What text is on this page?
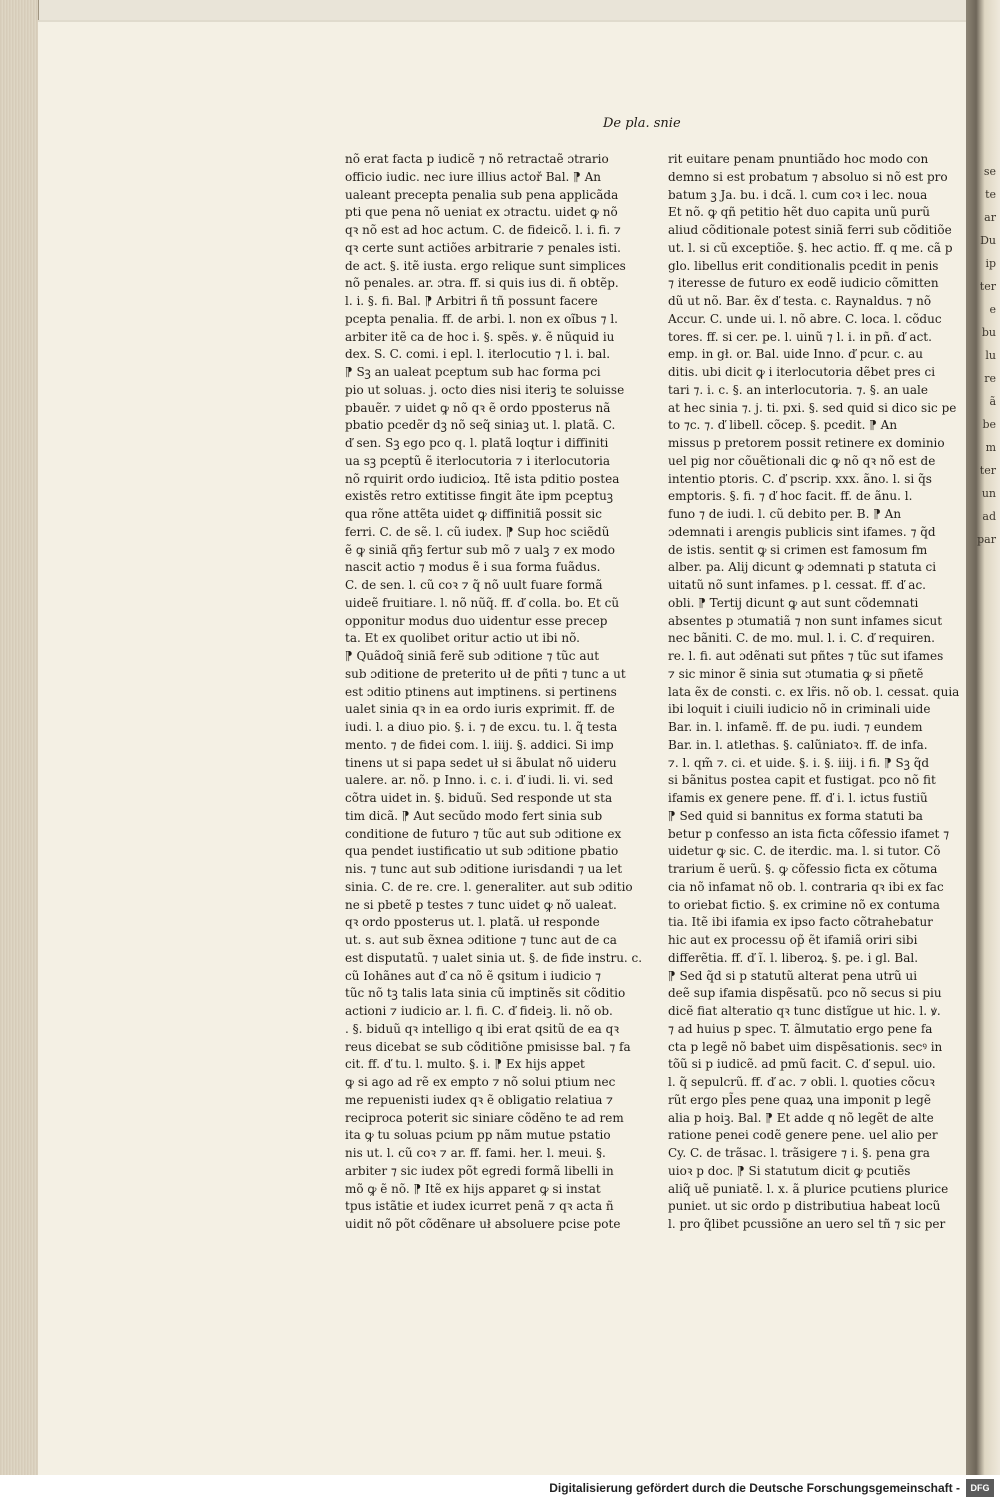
se
te
ar
Du
ip
ter
e
bu
lu
re
ã
be
m
ter
un
ad
par
De pla. snie
nõ erat facta p iudicẽ ⁊ nõ retractaẽ ɔtrario
officio iudic. nec iure illius actoř Bal. ⁋ An
ualeant precepta penalia sub pena applicãda
pti que pena nõ ueniat ex ɔtractu. uidet ꝙ nõ
qꝛ nõ est ad hoc actum. C. de fideicõ. l. i. fi. ⁊
qꝛ certe sunt actiões arbitrarie ⁊ penales isti.
de act. §. itẽ iusta. ergo relique sunt simplices
nõ penales. ar. ɔtra. ff. si quis ius di. ñ obtẽp.
l. i. §. fi. Bal. ⁋ Arbitri ñ tñ possunt facere
pcepta penalia. ff. de arbi. l. non ex oĩbus ⁊ l.
arbiter itẽ ca de hoc i. §. spẽs. ꝟ. ẽ nũquid iu
dex. S. C. comi. i̇ epl. l. iterlocutio ⁊ l. i. bal.
⁋ Sꝫ an ualeat pceptum sub hac forma pci
pio ut soluas. j. octo dies nisi iteriꝫ te soluisse
pbauẽr. ⁊ uidet ꝙ nõ qꝛ ẽ ordo pposterus nã
pbatio pcedẽr dꝫ nõ seq̃ siniaꝫ ut. l. platã. C.
ď sen. Sꝫ ego pco q. l. platã loqtur i diffiniti
ua sꝫ pceptũ ẽ iterlocutoria ⁊ i iterlocutoria
nõ rquirit ordo iudicioꝝ. Itẽ ista pditio postea
existẽs retro extitisse fingit ãte ipm pceptuꝫ
qua rõne attẽta uidet ꝙ diffinitiã possit sic
ferri. C. de sẽ. l. cũ iudex. ⁋ Sup hoc sciẽdũ
ẽ ꝙ siniã qñꝫ fertur sub mõ ⁊ ualꝫ ⁊ ex modo
nascit actio ⁊ modus ẽ i sua forma fuãdus.
C. de sen. l. cũ coꝛ ⁊ q̃ nõ uult fuare formã
uideẽ fruitiare. l. nõ nũq̃. ff. ď colla. bo. Et cũ
opponitur modus duo uidentur esse precep
ta. Et ex quolibet oritur actio ut ibi nõ.
⁋ Quãdoq̃ siniã ferẽ sub ɔditione ⁊ tũc aut
sub ɔditione de preterito uł de pñti ⁊ tunc a ut
est ɔditio ptinens aut imptinens. si pertinens
ualet sinia qꝛ in ea ordo iuris exprimit. ff. de
iudi. l. a diuo pio. §. i. ⁊ de excu. tu. l. q̃ testa
mento. ⁊ de fidei com. l. iiij. §. addici. Si imp
tinens ut si papa sedet uł si ãbulat nõ uideru
ualere. ar. nõ. p Inno. i. c. i. ď iudi. li. vi. sed
cõtra uidet in. §. biduũ. Sed responde ut sta
tim dicã. ⁋ Aut secũdo modo fert sinia sub
conditione de futuro ⁊ tũc aut sub ɔditione ex
qua pendet iustificatio ut sub ɔditione pbatio
nis. ⁊ tunc aut sub ɔditione iurisdandi ⁊ ua let
sinia. C. de re. cre. l. generaliter. aut sub ɔditio
ne si pbetẽ p testes ⁊ tunc uidet ꝙ nõ ualeat.
qꝛ ordo pposterus ut. l. platã. uł responde
ut. s. aut sub ẽxnea ɔditione ⁊ tunc aut de ca
est disputatũ. ⁊ ualet sinia ut. §. de fide instru. c.
cũ Iohãnes aut ď ca nõ ẽ qsitum i iudicio ⁊
tũc nõ tꝫ talis lata sinia cũ imptinẽs sit cõditio
actioni ⁊ iudicio ar. l. fi. C. ď fideiꝫ. li. nõ ob.
. §. biduũ qꝛ intelligo q ibi erat qsitũ de ea qꝛ
reus dicebat se sub cõditiõne pmisisse bal. ⁊ fa
cit. ff. ď tu. l. multo. §. i. ⁋ Ex hijs appet
ꝙ si ago ad rẽ ex empto ⁊ nõ solui ptium nec
me repuenisti iudex qꝛ ẽ obligatio relatiua ⁊
reciproca poterit sic siniare cõdẽno te ad rem
ita ꝙ tu soluas pcium pp nãm mutue pstatio
nis ut. l. cũ coꝛ ⁊ ar. ff. fami. her. l. meui. §.
arbiter ⁊ sic iudex põt egredi formã libelli in
mõ ꝙ ẽ nõ. ⁋ Itẽ ex hijs apparet ꝙ si instat
tpus istãtie et iudex icurret penã ⁊ qꝛ acta ñ
uidit nõ põt cõdẽnare uł absoluere pcise pote
rit euitare penam pnuntiãdo hoc modo con
demno si est probatum ⁊ absoluo si nõ est pro
batum ꝫ Ja. bu. i dcã. l. cum coꝛ i lec. noua
Et nõ. ꝙ qñ petitio hẽt duo capita unũ purũ
aliud cõditionale potest siniã ferri sub cõditiõe
ut. l. si cũ exceptiõe. §. hec actio. ff. q me. cã p
glo. libellus erit conditionalis pcedit in penis
⁊ iteresse de futuro ex eodẽ iudicio cõmitten
dũ ut nõ. Bar. ẽx ď testa. c. Raynaldus. ⁊ nõ
Accur. C. unde ui. l. nõ abre. C. loca. l. cõduc
tores. ff. si cer. pe. l. uinũ ⁊ l. i. in pñ. ď act.
emp. in gł. or. Bal. uide Inno. ď pcur. c. au
ditis. ubi dicit ꝙ i iterlocutoria dẽbet pres ci
tari ⁊. i. c. §. an interlocutoria. ⁊. §. an uale
at hec sinia ⁊. j. ti. pxi. §. sed quid si dico sic pe
to ⁊c. ⁊. ď libell. cõcep. §. pcedit. ⁋ An
missus p pretorem possit retinere ex dominio
uel pig nor cõuẽtionali dic ꝙ nõ qꝛ nõ est de
intentio ptoris. C. ď pscrip. xxx. ãno. l. si q̃s
emptoris. §. fi. ⁊ ď hoc facit. ff. de ãnu. l.
funo ⁊ de iudi. l. cũ debito per. B. ⁋ An
ɔdemnati i arengis publicis sint ifames. ⁊ q̃d
de istis. sentit ꝙ si crimen est famosum fm
alber. pa. Alij dicunt ꝙ ɔdemnati p statuta ci
uitatũ nõ sunt infames. p l. cessat. ff. ď ac.
obli. ⁋ Tertij dicunt ꝙ aut sunt cõdemnati
absentes p ɔtumatiã ⁊ non sunt infames sicut
nec bãniti. C. de mo. mul. l. i. C. ď requiren.
re. l. fi. aut ɔdẽnati sut pñtes ⁊ tũc sut ifames
⁊ sic minor ẽ sinia sut ɔtumatia ꝙ si pñetẽ
lata ẽx de consti. c. ex lr̃is. nõ ob. l. cessat. quia
ibi loquit i ciuili iudicio nõ in criminali uide
Bar. in. l. infamẽ. ff. de pu. iudi. ⁊ eundem
Bar. in. l. atlethas. §. calũniatoꝛ. ff. de infa.
⁊. l. qm̃ ⁊. ci. et uide. §. i. §. iiij. i fi. ⁋ Sꝫ q̃d
si bãnitus postea capit et fustigat. pco nõ fit
ifamis ex genere pene. ff. ď i. l. ictus fustiũ
⁋ Sed quid si bannitus ex forma statuti ba
betur p confesso an ista ficta cõfessio ifamet ⁊
uidetur ꝙ sic. C. de iterdic. ma. l. si tutor. Cõ
trarium ẽ uerũ. §. ꝙ cõfessio ficta ex cõtuma
cia nõ infamat nõ ob. l. contraria qꝛ ibi ex fac
to oriebat fictio. §. ex crimine nõ ex contuma
tia. Itẽ ibi ifamia ex ipso facto cõtrahebatur
hic aut ex processu op̃ ẽt ifamiã oriri sibi
differẽtia. ff. ď ĩ. l. liberoꝝ. §. pe. i gl. Bal.
⁋ Sed q̃d si p statutũ alterat pena utrũ ui
deẽ sup ifamia dispẽsatũ. pco nõ secus si piu
dicẽ fiat alteratio qꝛ tunc distĩgue ut hic. l. ꝟ.
⁊ ad huius p spec. T. ãlmutatio ergo pene fa
cta p legẽ nõ babet uim dispẽsationis. secꝰ in
tõũ si p iudicẽ. ad pmũ facit. C. ď sepul. uio.
l. q̃ sepulcrũ. ff. ď ac. ⁊ obli. l. quoties cõcuꝛ
rũt ergo pl̃es pene quaꝝ una imponit p legẽ
alia p hoiꝫ. Bal. ⁋ Et adde q nõ legẽt de alte
ratione penei codẽ genere pene. uel alio per
Cy. C. de trãsac. l. trãsigere ⁊ i. §. pena gra
uioꝛ p doc. ⁋ Si statutum dicit ꝙ pcutiẽs
aliq̃ uẽ puniatẽ. l. x. ã plurice pcutiens plurice
puniet. ut sic ordo p distributiua habeat locũ
l. pro q̃libet pcussiõne an uero sel tñ ⁊ sic per
Digitalisierung gefördert durch die Deutsche Forschungsgemeinschaft -	DFG
